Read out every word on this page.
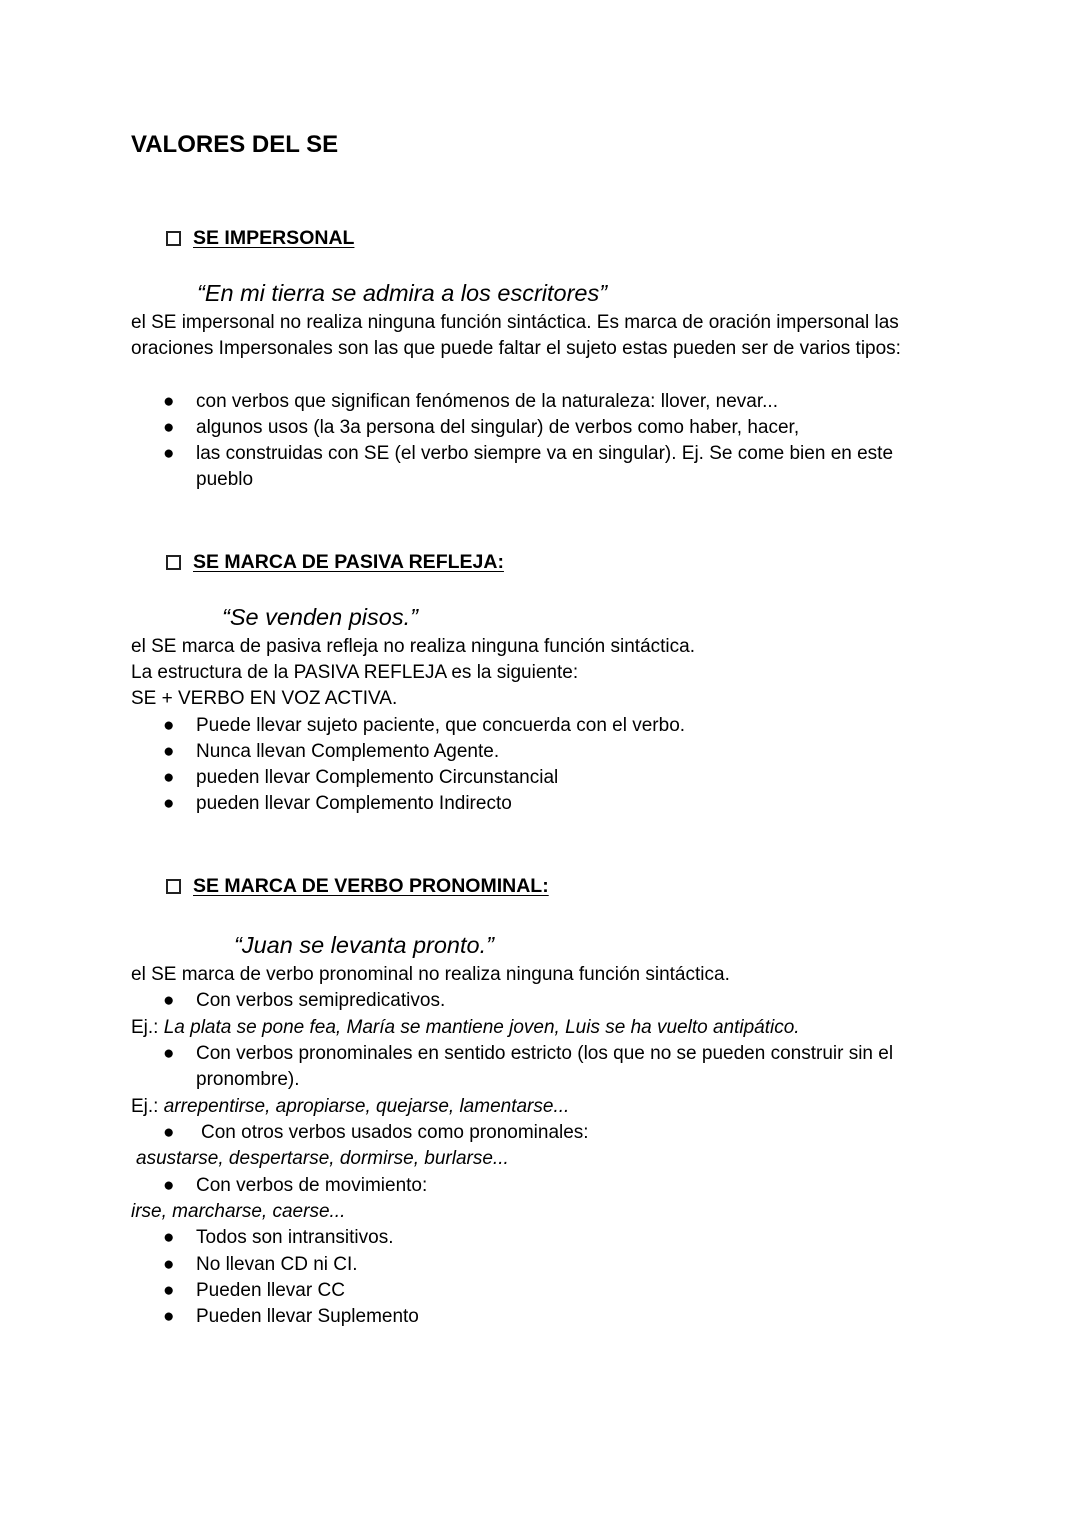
VALORES DEL SE
SE IMPERSONAL
“En mi tierra se admira a los escritores”

el SE impersonal no realiza ninguna función sintáctica. Es marca de oración impersonal las oraciones Impersonales son las que puede faltar el sujeto estas pueden ser de varios tipos:

● con verbos que significan fenómenos de la naturaleza: llover, nevar...

● algunos usos (la 3a persona del singular) de verbos como haber, hacer,

● las construidas con SE (el verbo siempre va en singular). Ej. Se come bien en este pueblo

SE MARCA DE PASIVA REFLEJA:
“Se venden pisos.”

el SE marca de pasiva refleja no realiza ninguna función sintáctica.

La estructura de la PASIVA REFLEJA es la siguiente:

SE + VERBO EN VOZ ACTIVA.

● Puede llevar sujeto paciente, que concuerda con el verbo.

● Nunca llevan Complemento Agente.

● pueden llevar Complemento Circunstancial

● pueden llevar Complemento Indirecto

SE MARCA DE VERBO PRONOMINAL:
“Juan se levanta pronto.”

el SE marca de verbo pronominal no realiza ninguna función sintáctica.

● Con verbos semipredicativos.

Ej.: La plata se pone fea, María se mantiene joven, Luis se ha vuelto antipático.

● Con verbos pronominales en sentido estricto (los que no se pueden construir sin el pronombre).

Ej.: arrepentirse, apropiarse, quejarse, lamentarse...

● Con otros verbos usados como pronominales:

asustarse, despertarse, dormirse, burlarse...

● Con verbos de movimiento:

irse, marcharse, caerse...

● Todos son intransitivos.

● No llevan CD ni CI.

● Pueden llevar CC

● Pueden llevar Suplemento
